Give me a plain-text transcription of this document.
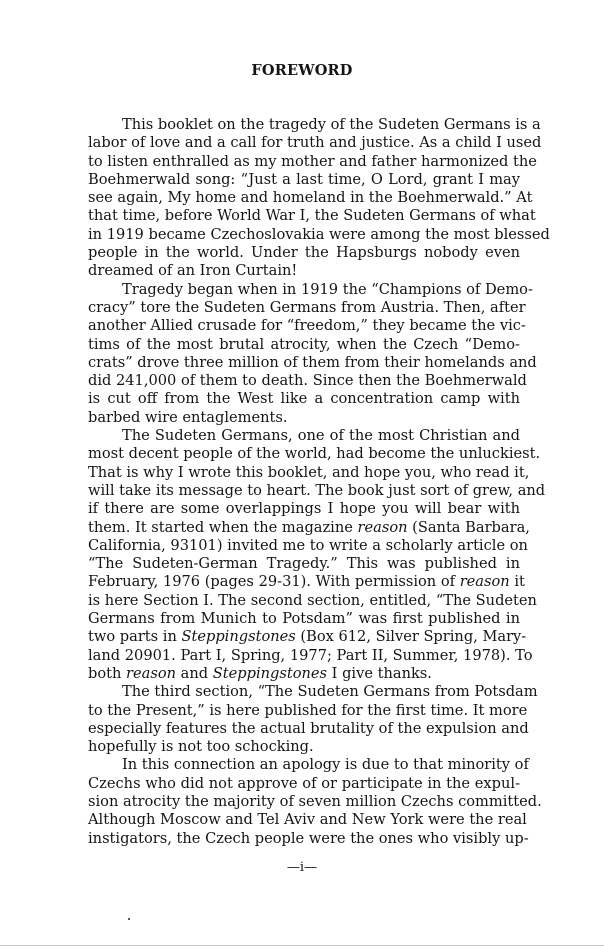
FOREWORD
This booklet on the tragedy of the Sudeten Germans is a
labor of love and a call for truth and justice. As a child I used
to listen enthralled as my mother and father harmonized the
Boehmerwald song: “Just a last time, O Lord, grant I may
see again, My home and homeland in the Boehmerwald.” At
that time, before World War I, the Sudeten Germans of what
in 1919 became Czechoslovakia were among the most blessed
people in the world. Under the Hapsburgs nobody even
dreamed of an Iron Curtain!
Tragedy began when in 1919 the “Champions of Demo-
cracy” tore the Sudeten Germans from Austria. Then, after
another Allied crusade for “freedom,” they became the vic-
tims of the most brutal atrocity, when the Czech “Demo-
crats” drove three million of them from their homelands and
did 241,000 of them to death. Since then the Boehmerwald
is cut off from the West like a concentration camp with
barbed wire entaglements.
The Sudeten Germans, one of the most Christian and
most decent people of the world, had become the unluckiest.
That is why I wrote this booklet, and hope you, who read it,
will take its message to heart. The book just sort of grew, and
if there are some overlappings I hope you will bear with
them. It started when the magazine reason (Santa Barbara,
California, 93101) invited me to write a scholarly article on
“The Sudeten-German Tragedy.” This was published in
February, 1976 (pages 29-31). With permission of reason it
is here Section I. The second section, entitled, “The Sudeten
Germans from Munich to Potsdam” was first published in
two parts in Steppingstones (Box 612, Silver Spring, Mary-
land 20901. Part I, Spring, 1977; Part II, Summer, 1978). To
both reason and Steppingstones I give thanks.
The third section, “The Sudeten Germans from Potsdam
to the Present,” is here published for the first time. It more
especially features the actual brutality of the expulsion and
hopefully is not too schocking.
In this connection an apology is due to that minority of
Czechs who did not approve of or participate in the expul-
sion atrocity the majority of seven million Czechs committed.
Although Moscow and Tel Aviv and New York were the real
instigators, the Czech people were the ones who visibly up-
—i—
